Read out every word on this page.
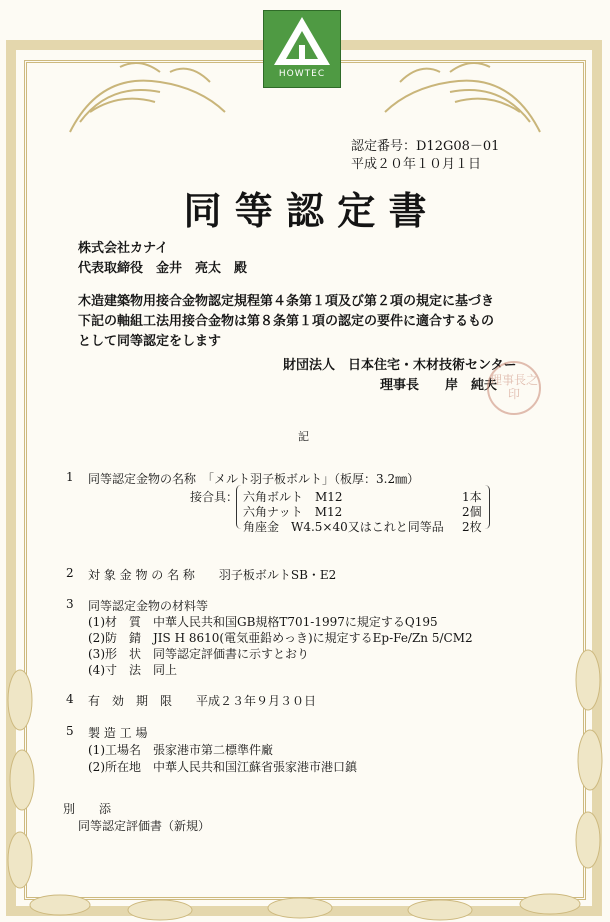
HOWTEC
認定番号：D12G08－01
平成２０年１０月１日
同 等 認 定 書
株式会社カナイ
代表取締役　金井　亮太　殿
木造建築物用接合金物認定規程第４条第１項及び第２項の規定に基づき
下記の軸組工法用接合金物は第８条第１項の認定の要件に適合するもの
として同等認定をします
財団法人　日本住宅・木材技術センター
理事長　　岸　純夫
理事長之印
記
1 同等認定金物の名称　「メルト羽子板ボルト」（板厚：3.2㎜）
接合具： 六角ボルト　M12	1本
六角ナット　M12	2個
角座金　W4.5×40又はこれと同等品 2枚
2 対 象 金 物 の 名 称　　羽子板ボルトSB・E2
3 同等認定金物の材料等
(1)材　質　中華人民共和国GB規格T701-1997に規定するQ195
(2)防　錆　JIS H 8610(電気亜鉛めっき)に規定するEp-Fe/Zn 5/CM2
(3)形　状　同等認定評価書に示すとおり
(4)寸　法　同上
4 有　効　期　限　　平成２３年９月３０日
5 製 造 工 場
(1)工場名　張家港市第二標準件廠
(2)所在地　中華人民共和国江蘇省張家港市港口鎮
別　　添
同等認定評価書（新規）
